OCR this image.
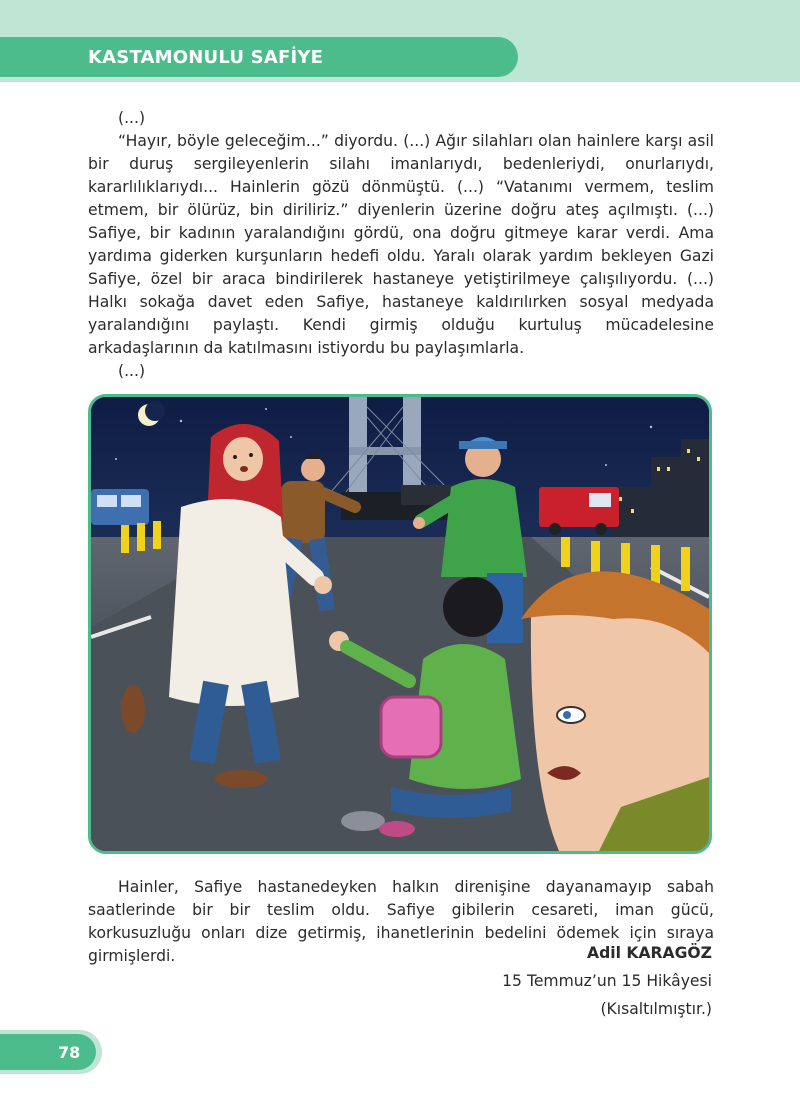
KASTAMONULU SAFİYE

(...)

“Hayır, böyle geleceğim...” diyordu. (...) Ağır silahları olan hainlere karşı asil bir duruş sergileyenlerin silahı imanlarıydı, bedenleriydi, onurlarıydı, kararlılıklarıydı... Hainlerin gözü dönmüştü. (...) “Vatanımı vermem, teslim etmem, bir ölürüz, bin diriliriz.” diyenlerin üzerine doğru ateş açılmıştı. (...) Safiye, bir kadının yaralandığını gördü, ona doğru gitmeye karar verdi. Ama yardıma giderken kurşunların hedefi oldu. Yaralı olarak yardım bekleyen Gazi Safiye, özel bir araca bindirilerek hastaneye yetiştirilmeye çalışılıyordu. (...) Halkı sokağa davet eden Safiye, hastaneye kaldırılırken sosyal medyada yaralandığını paylaştı. Kendi girmiş olduğu kurtuluş mücadelesine arkadaşlarının da katılmasını istiyordu bu paylaşımlarla.

(...)

Hainler, Safiye hastanedeyken halkın direnişine dayanamayıp sabah saatlerinde bir bir teslim oldu. Safiye gibilerin cesareti, iman gücü, korkusuzluğu onları dize getirmiş, ihanetlerinin bedelini ödemek için sıraya girmişlerdi.	Adil KARAGÖZ
15 Temmuz’un 15 Hikâyesi
(Kısaltılmıştır.)
78
